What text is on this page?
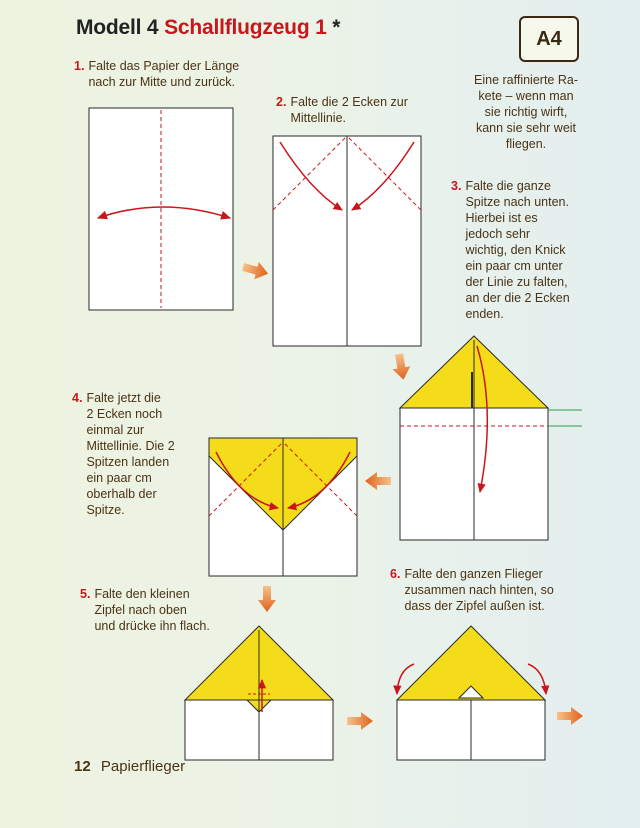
Modell 4 Schallflugzeug 1 *	A4
Eine raffinierte Ra-
kete – wenn man
sie richtig wirft,
kann sie sehr weit
fliegen.
1. Falte das Papier der Länge
nach zur Mitte und zurück.
2. Falte die 2 Ecken zur
Mittellinie.
3. Falte die ganze
Spitze nach unten.
Hierbei ist es
jedoch sehr
wichtig, den Knick
ein paar cm unter
der Linie zu falten,
an der die 2 Ecken
enden.
4. Falte jetzt die
2 Ecken noch
einmal zur
Mittellinie. Die 2
Spitzen landen
ein paar cm
oberhalb der
Spitze.
5. Falte den kleinen
Zipfel nach oben
und drücke ihn flach.
6. Falte den ganzen Flieger
zusammen nach hinten, so
dass der Zipfel außen ist.
12 Papierflieger
